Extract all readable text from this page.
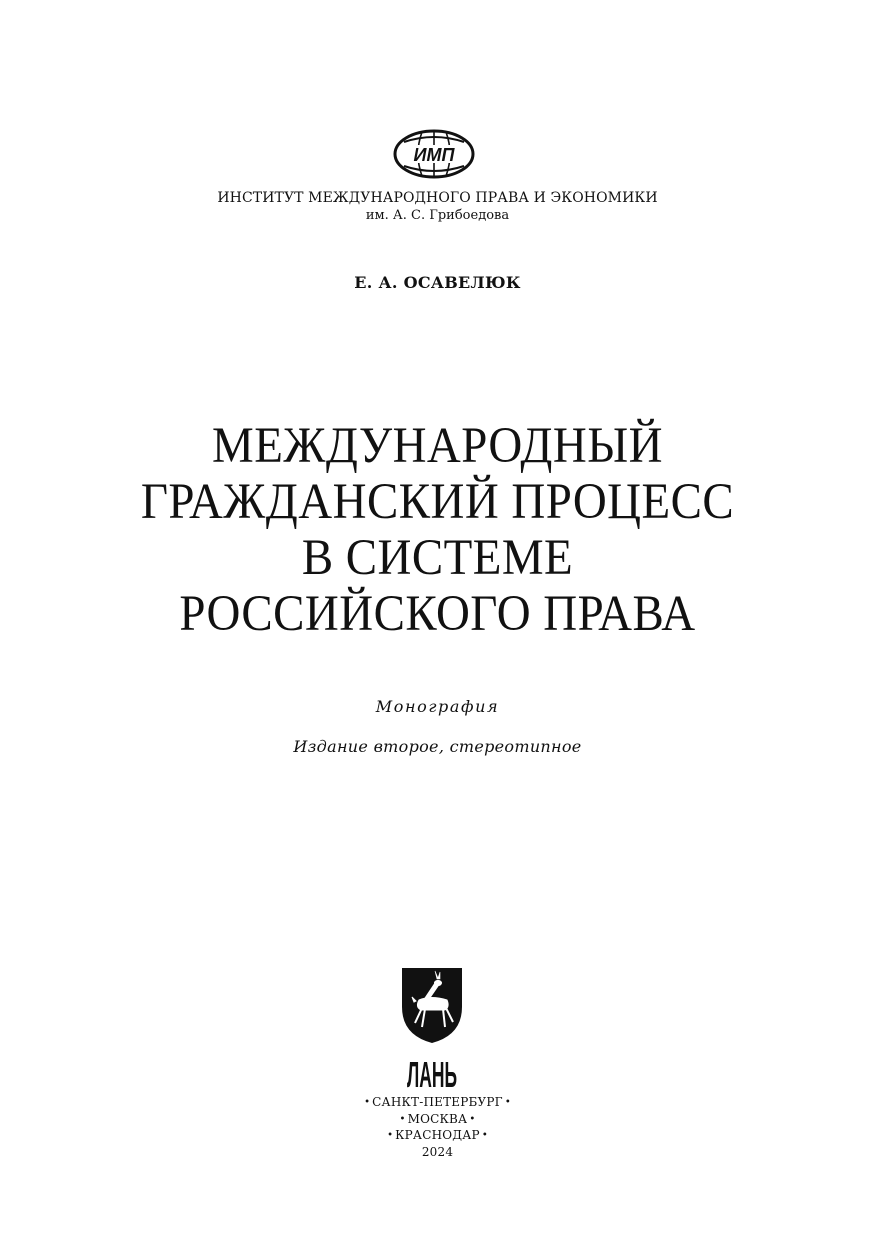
ИМП
ИНСТИТУТ МЕЖДУНАРОДНОГО ПРАВА И ЭКОНОМИКИ
им. А. С. Грибоедова
Е. А. ОСАВЕЛЮК
МЕЖДУНАРОДНЫЙ
ГРАЖДАНСКИЙ ПРОЦЕСС
В СИСТЕМЕ
РОССИЙСКОГО ПРАВА
Монография
Издание второе, стереотипное
ЛАНЬ
• САНКТ-ПЕТЕРБУРГ •
• МОСКВА •
• КРАСНОДАР •
2024
